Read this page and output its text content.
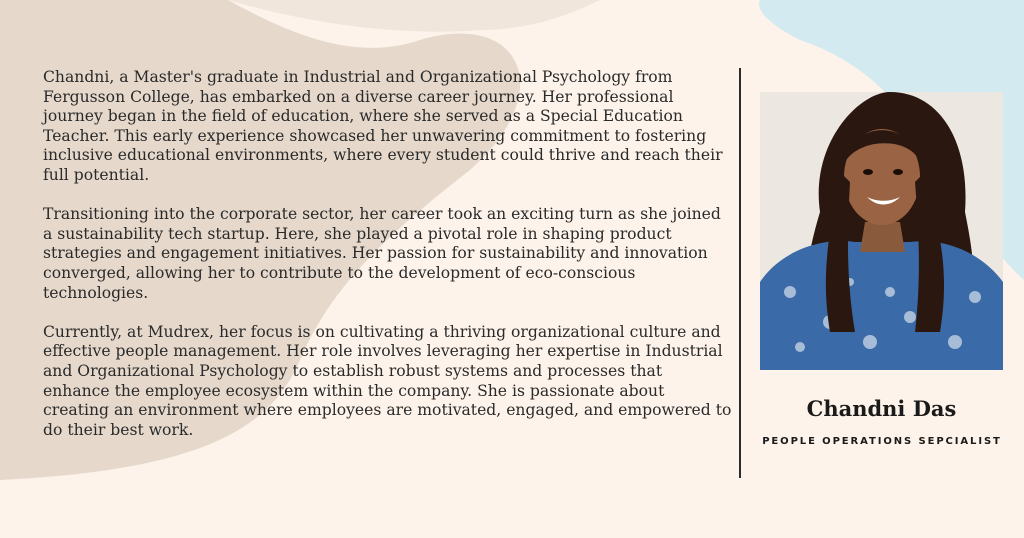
Chandni, a Master's graduate in Industrial and Organizational Psychology from Fergusson College, has embarked on a diverse career journey. Her professional journey began in the field of education, where she served as a Special Education Teacher. This early experience showcased her unwavering commitment to fostering inclusive educational environments, where every student could thrive and reach their full potential.

Transitioning into the corporate sector, her career took an exciting turn as she joined a sustainability tech startup. Here, she played a pivotal role in shaping product strategies and engagement initiatives. Her passion for sustainability and innovation converged, allowing her to contribute to the development of eco-conscious technologies.

Currently, at Mudrex, her focus is on cultivating a thriving organizational culture and effective people management. Her role involves leveraging her expertise in Industrial and Organizational Psychology to establish robust systems and processes that enhance the employee ecosystem within the company. She is passionate about creating an environment where employees are motivated, engaged, and empowered to do their best work.

Chandni Das
PEOPLE OPERATIONS SEPCIALIST
